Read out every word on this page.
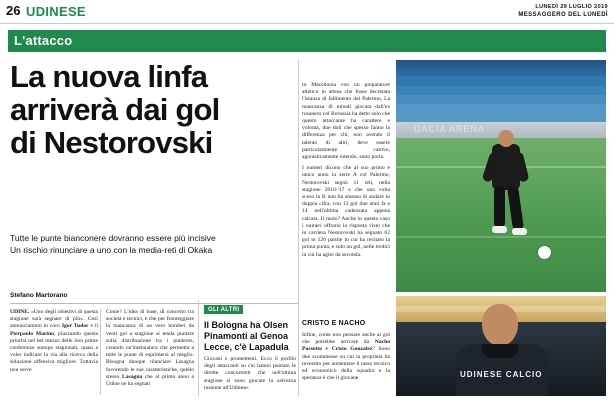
26 UDINESE	LUNEDÌ 29 LUGLIO 2019
MESSAGGERO DEL LUNEDÌ
L'attacco
La nuova linfa
arriverà dai gol
di Nestorovski
Tutte le punte bianconere dovranno essere più incisive
Un rischio rinunciare a uno con la media-reti di Okaka
Stefano Martorano

UDINE. «Uno degli obiettivi di questa stagione sarà segnare di più». Così annunciammo in coro Igor Tudor e il Pierpaolo Marino, piazzando questa priorità nel bel mezzo delle loro prime conferenze stampa stagionali, quasi a voler indicare la via alla ricerca della soluzione offensiva migliore. Tuttavia non serve

Come? L'idea di base, di concerto tra società e tecnici, è che per fronteggiare la mancanza di un vero bomber da venti gol a stagione si tenda puntare sulla distribuzione tra i punteros, creando un'intelaiatura che permetta a tutte le punte di esprimersi al meglio. Bisogna dunque rilanciare Lasagna favorendo le sue caratteristiche, quello stesso Lasagna che al primo anno a Udine ne ha segnati

in Macedonia con un preparatore atletico in attesa che fosse decretata l'istanza di fallimento del Palermo. La mancanza di minuti giocata dall'ex rosanero col Borussia ha detto solo che questo attaccante ha carattere e volontà, due doti che spesso fanno la differenza per chi, non avendo il talento di altri, deve essere particolarmente cattivo, agonisticamente intendo, sotto porta.

I numeri dicono che al suo primo e unico anno in serie A col Palermo, Nestorovski segnò 11 reti, nella stagione 2016-'17 e che una volta sceso in B non ha smesso di andare in doppia cifra, con 13 gol due anni fa e 14 nell'ultima cadenzata appena calcata. Il ruolo? Anche in questo caso i numeri offrono la risposta visto che in carriera Nestorovski ha segnato 62 gol in 126 partite in cui ha recitato la prima punta, e solo un gol, nelle tredici in cui ha agito da seconda.

GLI ALTRI
Il Bologna ha Olsen Pinamonti al Genoa Lecce, c'è Lapadula

Giovani e promettenti. Ecco il profilo degli attaccanti su cui hanno puntato le dirette concorrenti che nell'ultima stagione si sono giocate la salvezza insieme all'Udinese.

CRISTO E NACHO

Infine, come non pensare anche al gol che potrebbe arrivare da Nacho Pussetto e Cristo Gonzalez? Sono due scommesse su cui la proprietà ha investito per aumentare il tasso tecnico ed economico della squadra e la speranza è che il giovane

DACIA ARENA
UDINESE CALCIO
